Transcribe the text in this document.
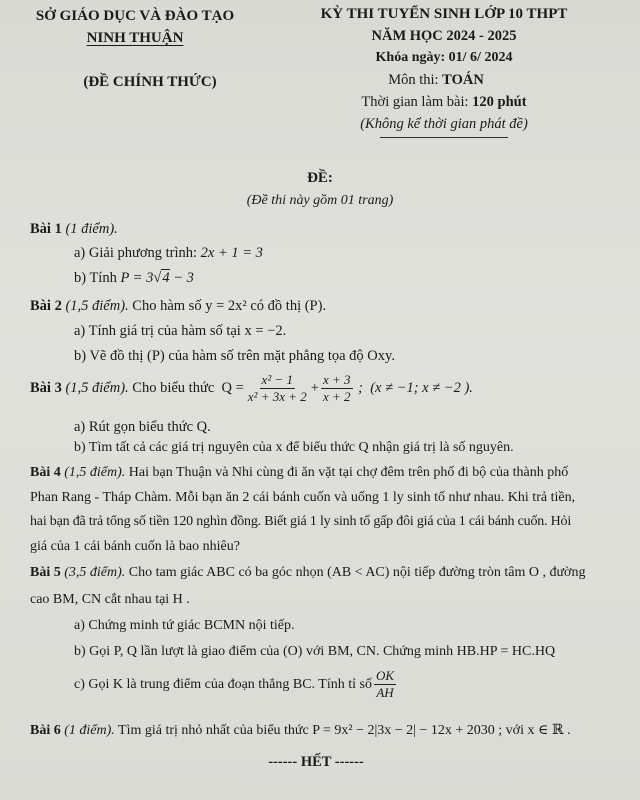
SỞ GIÁO DỤC VÀ ĐÀO TẠO
NINH THUẬN
(ĐỀ CHÍNH THỨC)
KỲ THI TUYỂN SINH LỚP 10 THPT
NĂM HỌC 2024 - 2025
Khóa ngày: 01/ 6/ 2024
Môn thi: TOÁN
Thời gian làm bài: 120 phút
(Không kể thời gian phát đề)
ĐỀ:
(Đề thi này gồm 01 trang)
Bài 1 (1 điểm).
a) Giải phương trình: 2x + 1 = 3
b) Tính P = 3√4 − 3
Bài 2 (1,5 điểm). Cho hàm số y = 2x² có đồ thị (P).
a) Tính giá trị của hàm số tại x = −2.
b) Vẽ đồ thị (P) của hàm số trên mặt phẳng tọa độ Oxy.
Bài 3
(1,5 điểm). Cho biểu thức  $Q = \frac{\text{x² − 1}}{\text{x² + 3x + 2}} + \frac{x + 3}{x + 2}$ ;  (x ≠ −1; x ≠ −2 ).
a) Rút gọn biểu thức Q.
b) Tìm tất cả các giá trị nguyên của x để biểu thức Q nhận giá trị là số nguyên.
Bài 4 (1,5 điểm). Hai bạn Thuận và Nhi cùng đi ăn vặt tại chợ đêm trên phố đi bộ của thành phố
Phan Rang - Tháp Chàm. Mỗi bạn ăn 2 cái bánh cuốn và uống 1 ly sinh tố như nhau. Khi trả tiền,
hai bạn đã trả tổng số tiền 120 nghìn đồng. Biết giá 1 ly sinh tố gấp đôi giá của 1 cái bánh cuốn. Hỏi
giá của 1 cái bánh cuốn là bao nhiêu?
Bài 5 (3,5 điểm). Cho tam giác ABC có ba góc nhọn (AB < AC) nội tiếp đường tròn tâm O , đường
cao BM, CN cắt nhau tại H .
a) Chứng minh tứ giác BCMN nội tiếp.
b) Gọi P, Q lần lượt là giao điểm của (O) với BM, CN. Chứng minh HB.HP = HC.HQ
c) Gọi K là trung điểm của đoạn thẳng BC. Tính tỉ số $\frac{OK}{AH}$
Bài 6 (1 điểm). Tìm giá trị nhỏ nhất của biểu thức P = 9x² − 2|3x − 2| − 12x + 2030 ; với x ∈ ℝ .
------ HẾT ------
